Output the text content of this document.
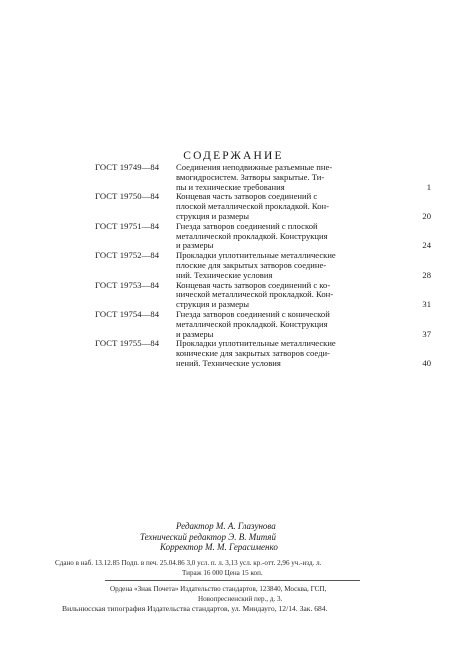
СОДЕРЖАНИЕ
ГОСТ 19749—84	Соединения неподвижные разъемные пне-
вмогидросистем. Затворы закрытые. Ти-
пы и технические требования	1
ГОСТ 19750—84	Концевая часть затворов соединений с
плоской металлической прокладкой. Кон-
струкция и размеры	20
ГОСТ 19751—84	Гнезда затворов соединений с плоской
металлической прокладкой. Конструкция
и размеры	24
ГОСТ 19752—84	Прокладки уплотнительные металлические
плоские для закрытых затворов соедине-
ний. Технические условия	28
ГОСТ 19753—84	Концевая часть затворов соединений с ко-
нической металлической прокладкой. Кон-
струкция и размеры	31
ГОСТ 19754—84	Гнезда затворов соединений с конической
металлической прокладкой. Конструкция
и размеры	37
ГОСТ 19755—84	Прокладки уплотнительные металлические
конические для закрытых затворов соеди-
нений. Технические условия	40
Редактор М. А. Глазунова
Технический редактор Э. В. Митяй
Корректор М. М. Герасименко
Сдано в наб. 13.12.85 Подп. в печ. 25.04.86 3,0 усл. п. л. 3,13 усл. кр.-отт. 2,96 уч.-изд. л.
Тираж 16 000 Цена 15 коп.
Ордена «Знак Почета» Издательство стандартов, 123840, Москва, ГСП,
Новопресненский пер., д. 3.
Вильнюсская типография Издательства стандартов, ул. Миндауго, 12/14. Зак. 684.
